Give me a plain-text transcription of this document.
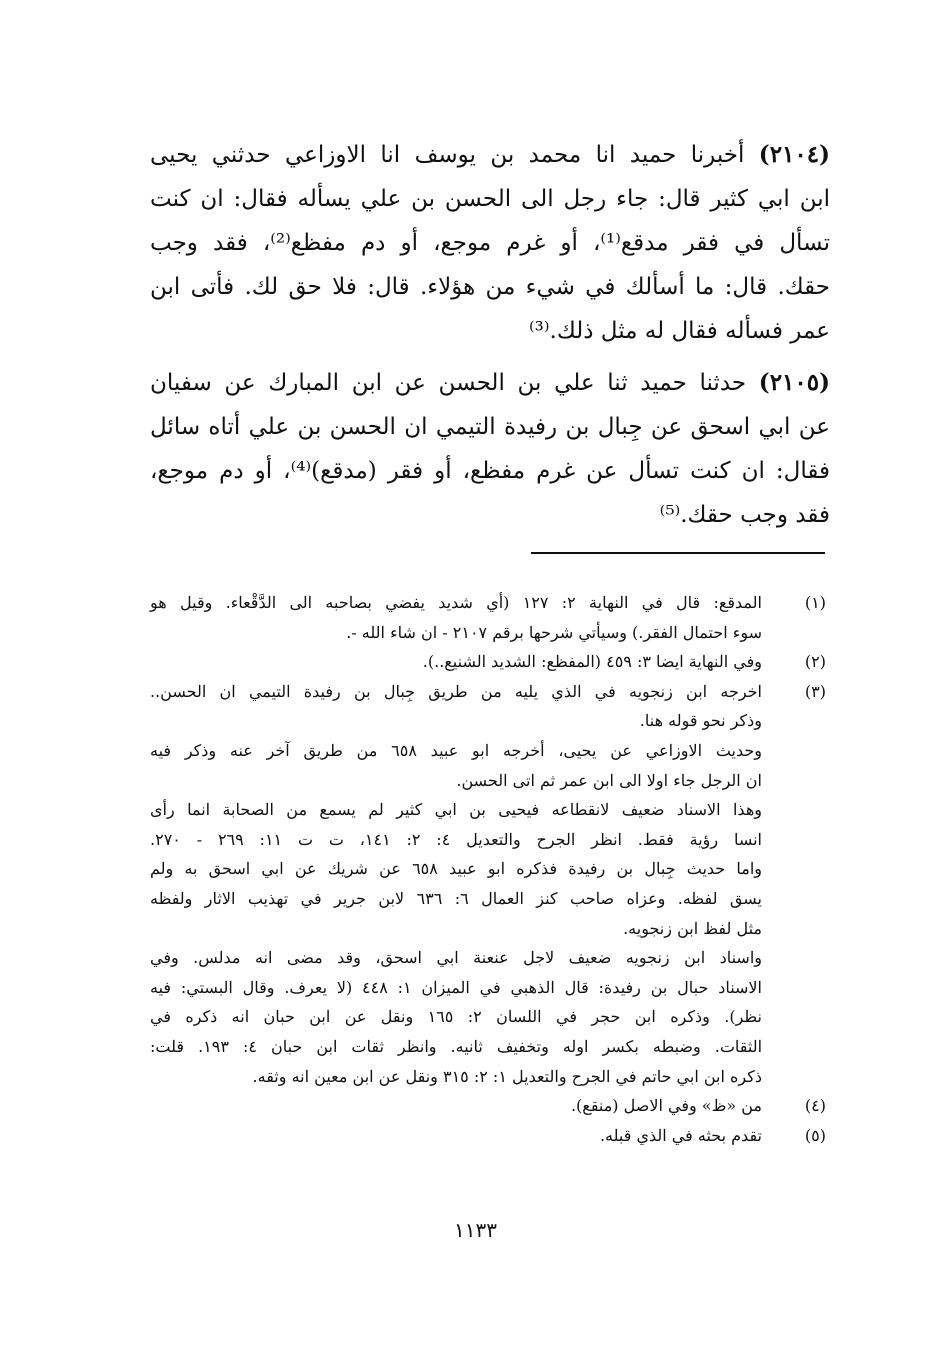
(٢١٠٤) أخبرنا حميد انا محمد بن يوسف انا الاوزاعي حدثني يحيى
ابن ابي كثير قال: جاء رجل الى الحسن بن علي يسأله فقال: ان كنت
تسأل في فقر مدقع⁽¹⁾، أو غرم موجع، أو دم مفظع⁽²⁾، فقد وجب
حقك. قال: ما أسألك في شيء من هؤلاء. قال: فلا حق لك. فأتى ابن
عمر فسأله فقال له مثل ذلك.⁽³⁾
(٢١٠٥) حدثنا حميد ثنا علي بن الحسن عن ابن المبارك عن سفيان
عن ابي اسحق عن جِبال بن رفيدة التيمي ان الحسن بن علي أتاه سائل
فقال: ان كنت تسأل عن غرم مفظع، أو فقر (مدقع)⁽⁴⁾، أو دم موجع،
فقد وجب حقك.⁽⁵⁾
(١)
المدقع: قال في النهاية ٢: ١٢٧ (أي شديد يفضي بصاحبه الى الدَّقْعاء. وقيل هو
سوء احتمال الفقر.) وسيأتي شرحها برقم ٢١٠٧ - ان شاء الله -.
(٢)
وفي النهاية ايضا ٣: ٤٥٩ (المفظع: الشديد الشنيع..).
(٣)
اخرجه ابن زنجويه في الذي يليه من طريق جِبال بن رفيدة التيمي ان الحسن..
وذكر نحو قوله هنا.
وحديث الاوزاعي عن يحيى، أخرجه ابو عبيد ٦٥٨ من طريق آخر عنه وذكر فيه
ان الرجل جاء اولا الى ابن عمر ثم اتى الحسن.
وهذا الاسناد ضعيف لانقطاعه فيحيى بن ابي كثير لم يسمع من الصحابة انما رأى
انسا رؤية فقط. انظر الجرح والتعديل ٤: ٢: ١٤١، ت ت ١١: ٢٦٩ - ٢٧٠.
واما حديث جِبال بن رفيدة فذكره ابو عبيد ٦٥٨ عن شريك عن ابي اسحق به ولم
يسق لفظه. وعزاه صاحب كنز العمال ٦: ٦٣٦ لابن جرير في تهذيب الاثار ولفظه
مثل لفظ ابن زنجويه.
واسناد ابن زنجويه ضعيف لاجل عنعنة ابي اسحق، وقد مضى انه مدلس. وفي
الاسناد حبال بن رفيدة: قال الذهبي في الميزان ١: ٤٤٨ (لا يعرف. وقال البستي: فيه
نظر). وذكره ابن حجر في اللسان ٢: ١٦٥ ونقل عن ابن حبان انه ذكره في
الثقات. وضبطه بكسر اوله وتخفيف ثانيه. وانظر ثقات ابن حبان ٤: ١٩٣. قلت:
ذكره ابن ابي حاتم في الجرح والتعديل ١: ٢: ٣١٥ ونقل عن ابن معين انه وثقه.
(٤)
من «ظ» وفي الاصل (منقع).
(٥)
تقدم بحثه في الذي قبله.
١١٣٣
